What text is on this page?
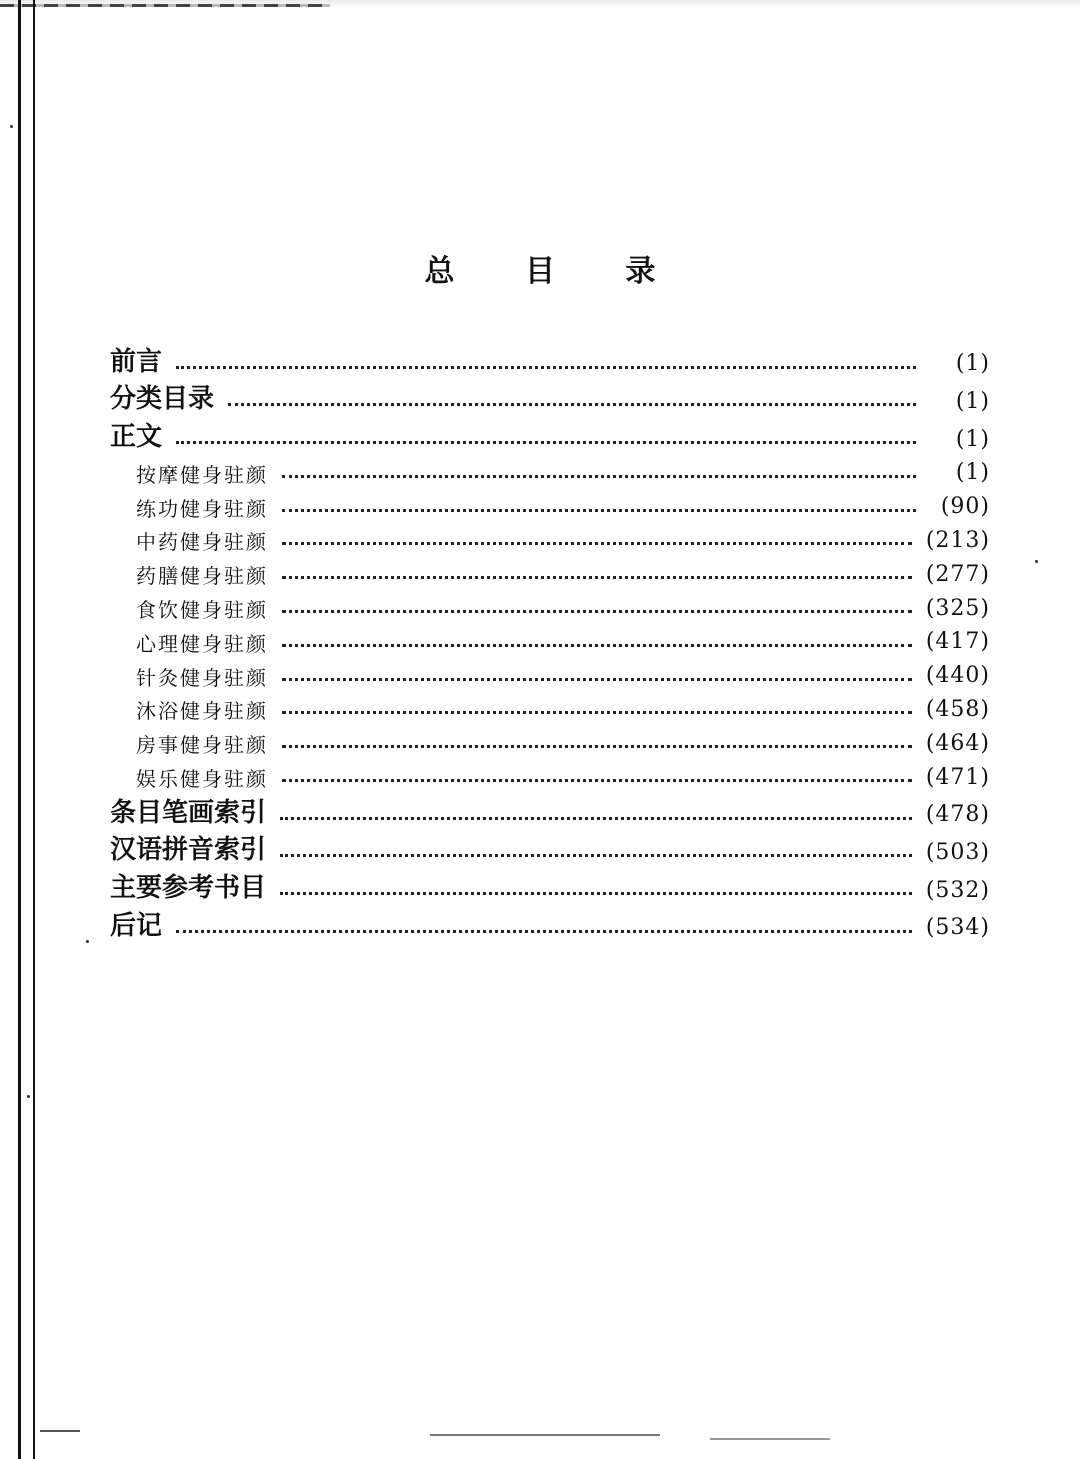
总 目 录
前言	(1)
分类目录	(1)
正文	(1)
按摩健身驻颜	(1)
练功健身驻颜	(90)
中药健身驻颜	(213)
药膳健身驻颜	(277)
食饮健身驻颜	(325)
心理健身驻颜	(417)
针灸健身驻颜	(440)
沐浴健身驻颜	(458)
房事健身驻颜	(464)
娱乐健身驻颜	(471)
条目笔画索引	(478)
汉语拼音索引	(503)
主要参考书目	(532)
后记	(534)
